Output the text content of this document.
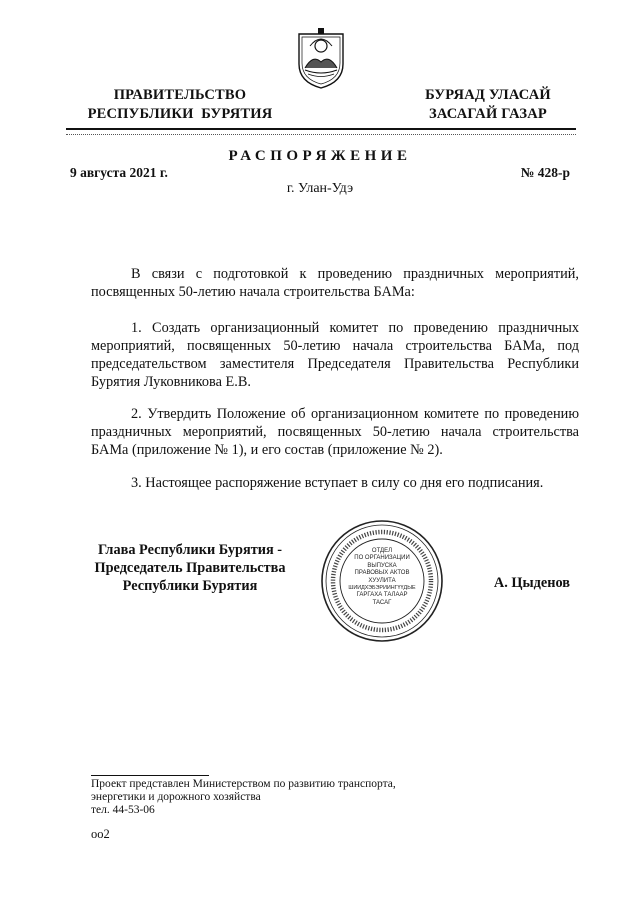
ПРАВИТЕЛЬСТВО
РЕСПУБЛИКИ  БУРЯТИЯ
БУРЯАД УЛАСАЙ
ЗАСАГАЙ ГАЗАР
РАСПОРЯЖЕНИЕ
9 августа 2021 г.	№ 428-р
г. Улан-Удэ

В связи с подготовкой к проведению праздничных мероприятий, посвященных 50-летию начала строительства БАМа:

1. Создать организационный комитет по проведению праздничных мероприятий, посвященных 50-летию начала строительства БАМа, под председательством заместителя Председателя Правительства Республики Бурятия Луковникова Е.В.

2. Утвердить Положение об организационном комитете по проведению праздничных мероприятий, посвященных 50-летию начала строительства БАМа (приложение № 1), и его состав (приложение № 2).

3. Настоящее распоряжение вступает в силу со дня его подписания.

Глава Республики Бурятия -
Председатель Правительства
Республики Бурятия
ОТДЕЛ
ПО ОРГАНИЗАЦИИ
ВЫПУСКА
ПРАВОВЫХ АКТОВ
ХУУЛИТА
ШИИДХЭБЭРИИНГҮҮДЫЕ
ГАРГАХА ТАЛААР
ТАСАГ
А. Цыденов
Проект представлен Министерством по развитию транспорта,
энергетики и дорожного хозяйства
тел. 44-53-06
оо2
